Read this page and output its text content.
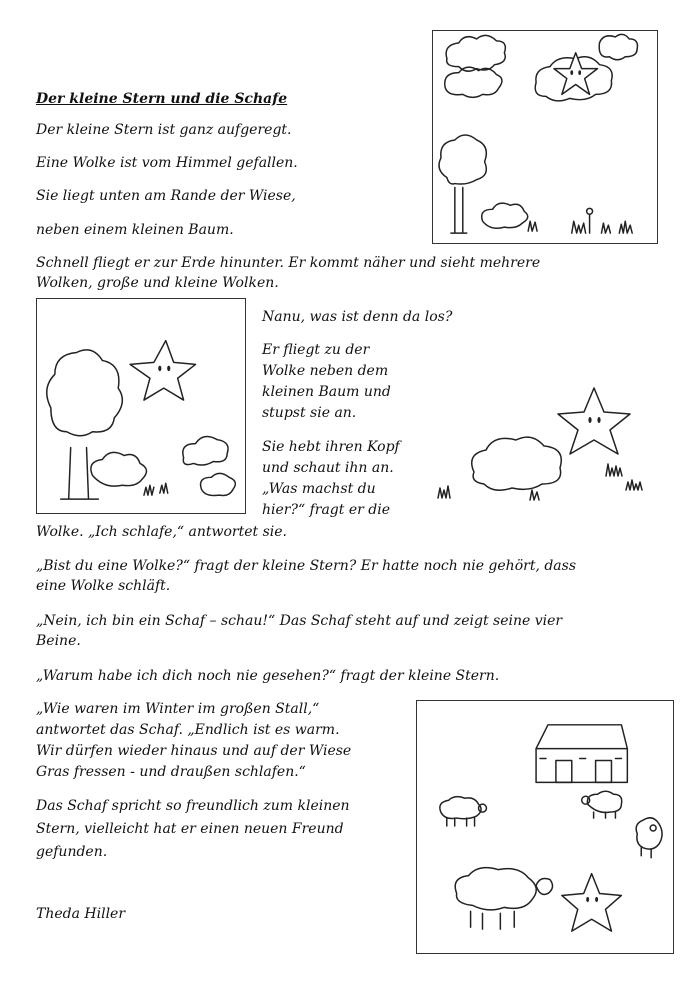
Der kleine Stern und die Schafe

Der kleine Stern ist ganz aufgeregt.

Eine Wolke ist vom Himmel gefallen.

Sie liegt unten am Rande der Wiese,

neben einem kleinen Baum.

Schnell fliegt er zur Erde hinunter. Er kommt näher und sieht mehrere

Wolken, große und kleine Wolken.

Nanu, was ist denn da los?

Er fliegt zu der

Wolke neben dem

kleinen Baum und

stupst sie an.

Sie hebt ihren Kopf

und schaut ihn an.

„Was machst du

hier?“ fragt er die

Wolke. „Ich schlafe,“ antwortet sie.

„Bist du eine Wolke?“ fragt der kleine Stern? Er hatte noch nie gehört, dass

eine Wolke schläft.

„Nein, ich bin ein Schaf – schau!“ Das Schaf steht auf und zeigt seine vier

Beine.

„Warum habe ich dich noch nie gesehen?“ fragt der kleine Stern.

„Wie waren im Winter im großen Stall,“

antwortet das Schaf. „Endlich ist es warm.

Wir dürfen wieder hinaus und auf der Wiese

Gras fressen - und draußen schlafen.“

Das Schaf spricht so freundlich zum kleinen

Stern, vielleicht hat er einen neuen Freund

gefunden.

Theda Hiller
